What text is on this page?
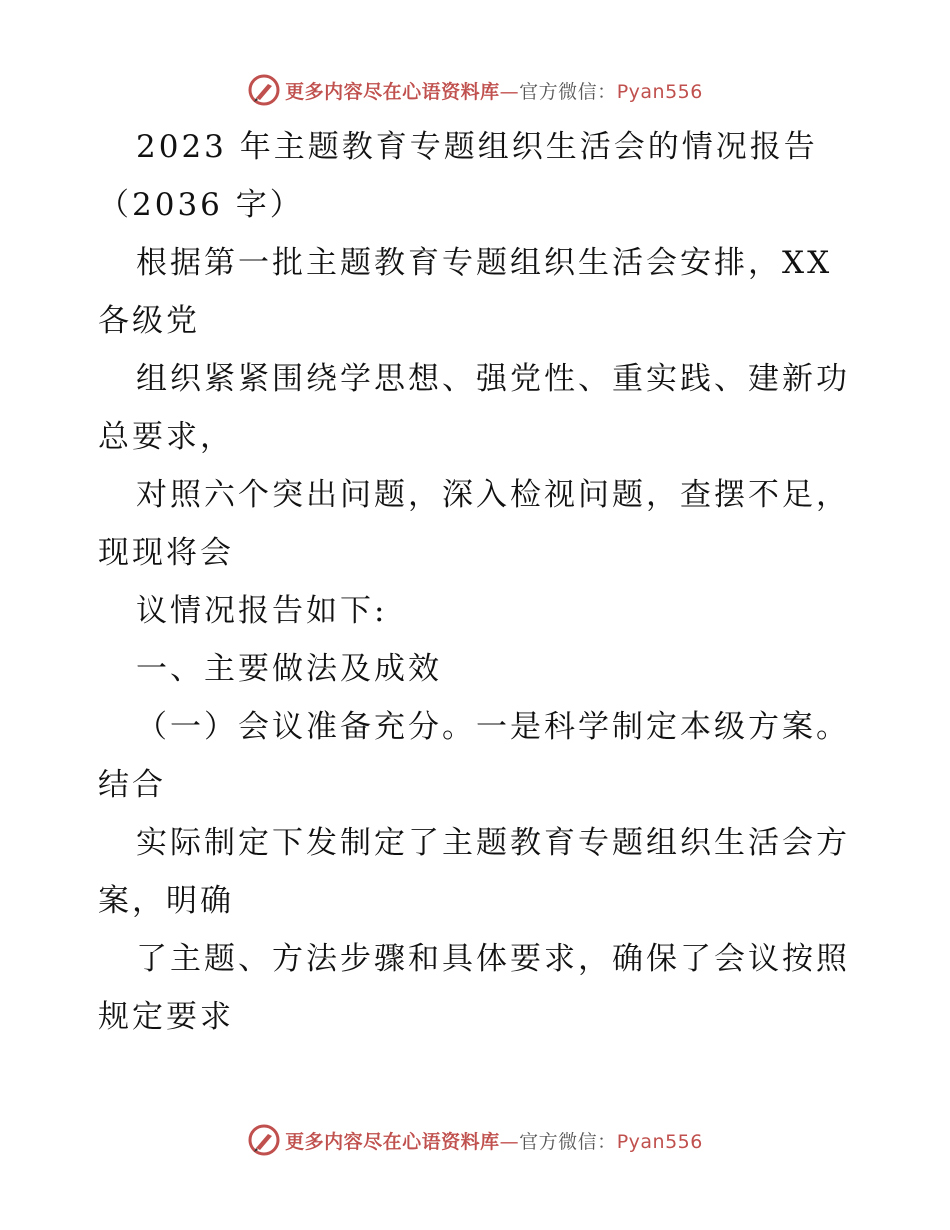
更多内容尽在心语资料库—官方微信：Pyan556
2023 年主题教育专题组织生活会的情况报告
（2036 字）
根据第一批主题教育专题组织生活会安排，XX
各级党
组织紧紧围绕学思想、强党性、重实践、建新功
总要求，
对照六个突出问题，深入检视问题，查摆不足，
现现将会
议情况报告如下:
一、主要做法及成效
（一）会议准备充分。一是科学制定本级方案。
结合
实际制定下发制定了主题教育专题组织生活会方
案，明确
了主题、方法步骤和具体要求，确保了会议按照
规定要求
更多内容尽在心语资料库—官方微信：Pyan556
